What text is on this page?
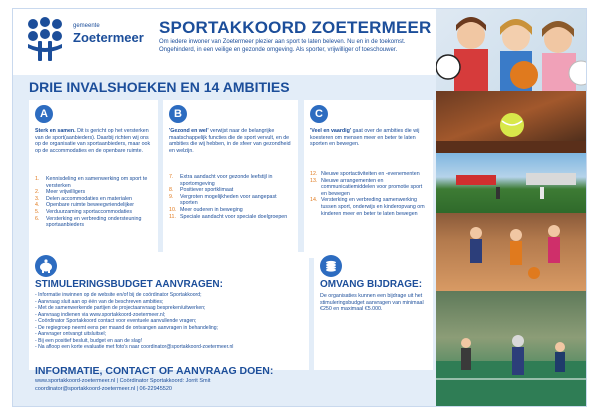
gemeente
Zoetermeer
SPORTAKKOORD ZOETERMEER
Om iedere inwoner van Zoetermeer plezier aan sport te laten beleven. Nu en in de toekomst. Ongehinderd, in een veilige en gezonde omgeving. Als sporter, vrijwilliger of toeschouwer.
DRIE INVALSHOEKEN EN 14 AMBITIES
A
Sterk en samen. Dit is gericht op het versterken van de sport(aanbieders). Daarbij richten wij ons op de organisatie van sportaanbieders, maar ook op de accommodaties en de openbare ruimte.
1.	Kennisdeling en samenwerking om sport te versterken
2.	Meer vrijwilligers
3.	Delen accommodaties en materialen
4.	Openbare ruimte beweegvriendelijker
5.	Verduurzaming sportaccommodaties
6.	Versterking en verbreding ondersteuning sportaanbieders
B
'Gezond en wel' verwijst naar de belangrijke maatschappelijk functies die de sport vervult, en de ambities die wij hebben, in de sfeer van gezondheid en welzijn.
7.	Extra aandacht voor gezonde leefstijl in sportomgeving
8.	Positiever sportklimaat
9.	Vergroten mogelijkheden voor aangepast sporten
10. Meer ouderen in beweging
11. Speciale aandacht voor speciale doelgroepen
C
'Veel en vaardig' gaat over de ambities die wij koesteren om mensen meer en beter te laten sporten en bewegen.
12. Nieuwe sportactiviteiten en -evenementen
13. Nieuwe arrangementen en communicatiemiddelen voor promotie sport en bewegen
14. Versterking en verbreding samenwerking tussen sport, onderwijs en kinderopvang om kinderen meer en beter te laten bewegen
STIMULERINGSBUDGET AANVRAGEN:
- Informatie inwinnen op de website en/of bij de coördinator Sportakkoord;
- Aanvraag sluit aan op één van de beschreven ambities;
- Met de samenwerkende partijen de projectaanvraag bespreken/uitwerken;
- Aanvraag indienen via www.sportakkoord-zoetermeer.nl;
- Coördinator Sportakkoord contact voor eventuele aanvullende vragen;
- De regiegroep neemt eens per maand de ontvangen aanvragen in behandeling;
- Aanvrager ontvangt uitsluitsel;
- Bij een positief besluit, budget en aan de slag!
- Na afloop een korte evaluatie met foto's naar coordinator@sportakkoord-zoetermeer.nl
OMVANG BIJDRAGE:
De organisaties kunnen een bijdrage uit het stimuleringsbudget aanvragen van minimaal €250 en maximaal €5.000.
INFORMATIE, CONTACT OF AANVRAAG DOEN:
www.sportakkoord-zoetermeer.nl | Coördinator Sportakkoord: Jorrit Smit
coordinator@sportakkoord-zoetermeer.nl | 06-22945520
